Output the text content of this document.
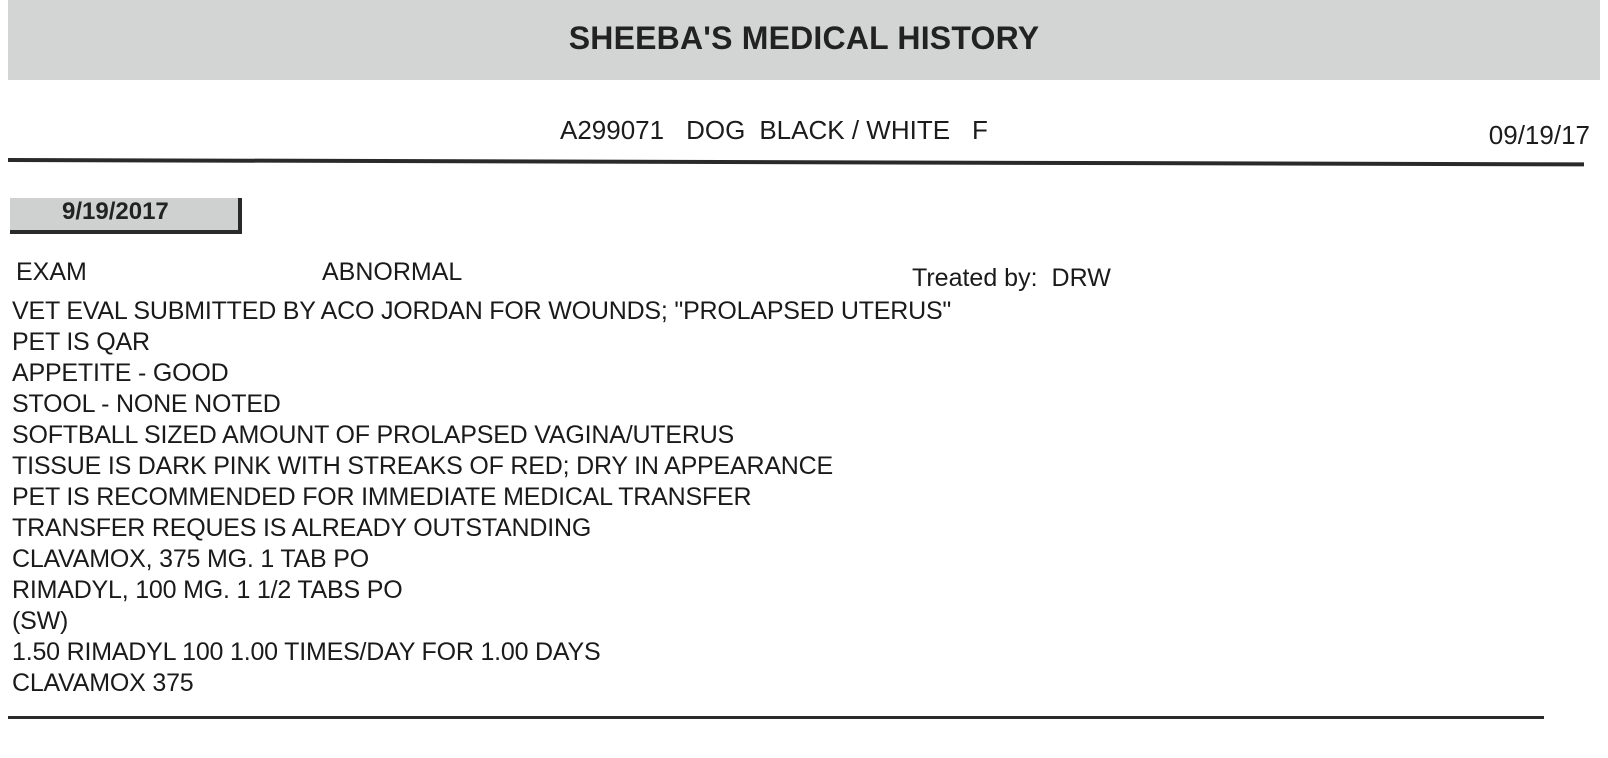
SHEEBA'S MEDICAL HISTORY
A299071 DOG BLACK / WHITE F	09/19/17
9/19/2017
EXAM	ABNORMAL	Treated by: DRW
VET EVAL SUBMITTED BY ACO JORDAN FOR WOUNDS; "PROLAPSED UTERUS"
PET IS QAR
APPETITE - GOOD
STOOL - NONE NOTED
SOFTBALL SIZED AMOUNT OF PROLAPSED VAGINA/UTERUS
TISSUE IS DARK PINK WITH STREAKS OF RED; DRY IN APPEARANCE
PET IS RECOMMENDED FOR IMMEDIATE MEDICAL TRANSFER
TRANSFER REQUES IS ALREADY OUTSTANDING
CLAVAMOX, 375 MG. 1 TAB PO
RIMADYL, 100 MG. 1 1/2 TABS PO
(SW)
1.50 RIMADYL 100 1.00 TIMES/DAY FOR 1.00 DAYS
CLAVAMOX 375
